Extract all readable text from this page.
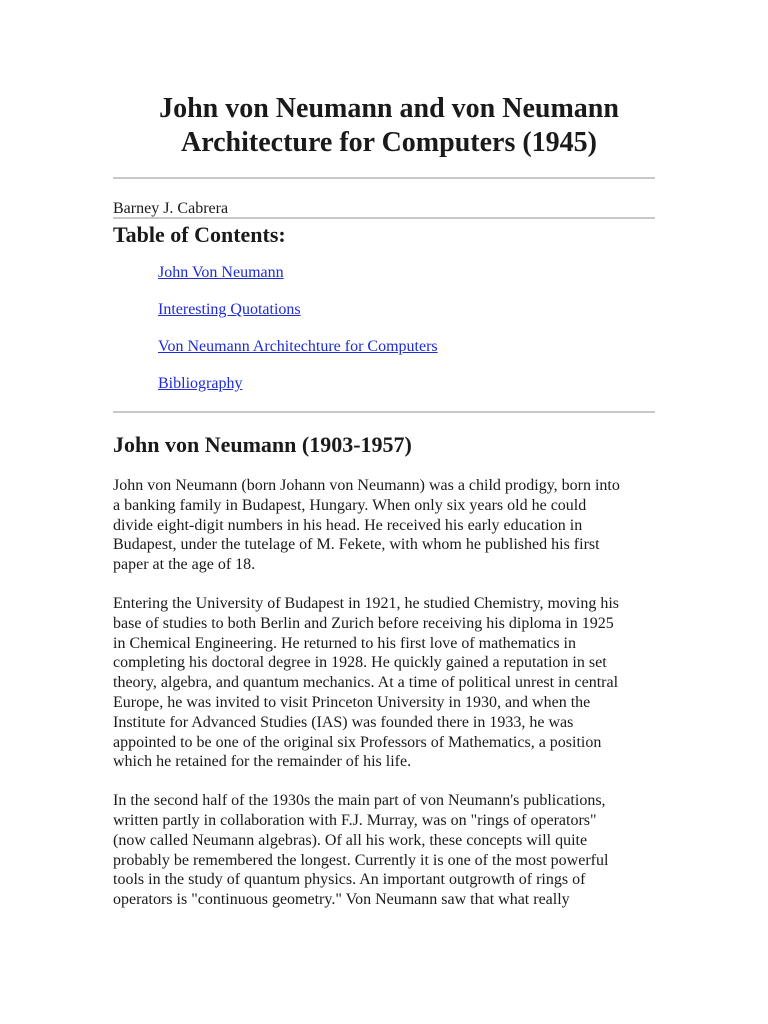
John von Neumann and von Neumann
Architecture for Computers (1945)
Barney J. Cabrera
Table of Contents:
John Von Neumann
Interesting Quotations
Von Neumann Architechture for Computers
Bibliography
John von Neumann (1903-1957)

John von Neumann (born Johann von Neumann) was a child prodigy, born into
a banking family in Budapest, Hungary. When only six years old he could
divide eight-digit numbers in his head. He received his early education in
Budapest, under the tutelage of M. Fekete, with whom he published his first
paper at the age of 18.

Entering the University of Budapest in 1921, he studied Chemistry, moving his
base of studies to both Berlin and Zurich before receiving his diploma in 1925
in Chemical Engineering. He returned to his first love of mathematics in
completing his doctoral degree in 1928. He quickly gained a reputation in set
theory, algebra, and quantum mechanics. At a time of political unrest in central
Europe, he was invited to visit Princeton University in 1930, and when the
Institute for Advanced Studies (IAS) was founded there in 1933, he was
appointed to be one of the original six Professors of Mathematics, a position
which he retained for the remainder of his life.

In the second half of the 1930s the main part of von Neumann's publications,
written partly in collaboration with F.J. Murray, was on "rings of operators"
(now called Neumann algebras). Of all his work, these concepts will quite
probably be remembered the longest. Currently it is one of the most powerful
tools in the study of quantum physics. An important outgrowth of rings of
operators is "continuous geometry." Von Neumann saw that what really
